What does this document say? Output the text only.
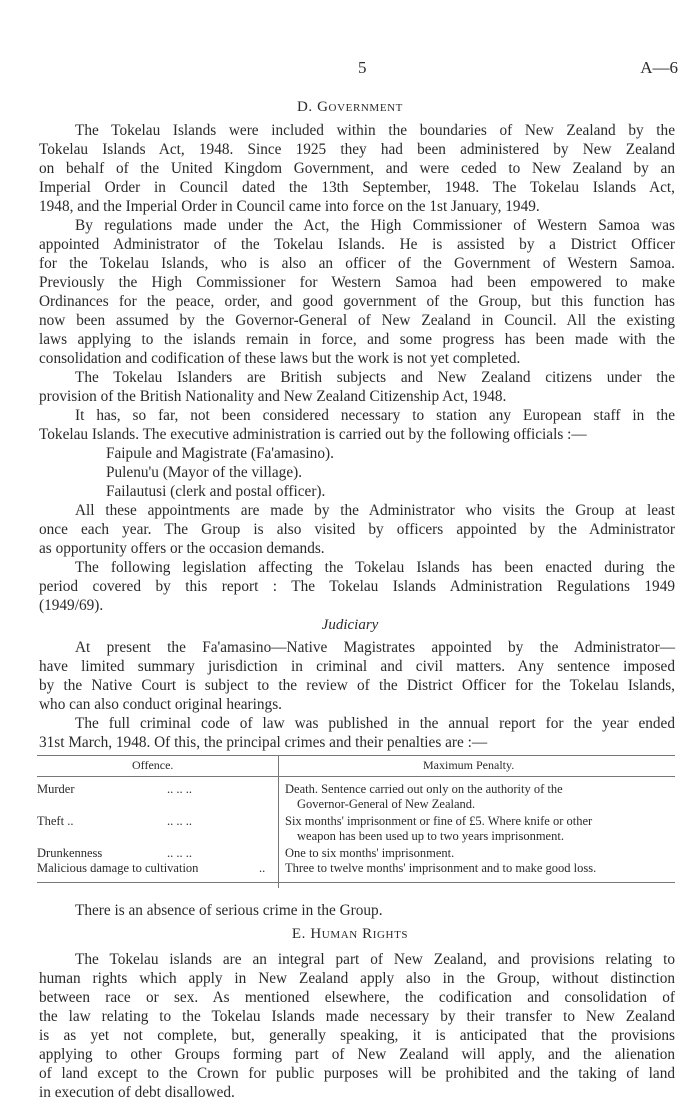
5	A—6
D. Government
The Tokelau Islands were included within the boundaries of New Zealand by the
Tokelau Islands Act, 1948. Since 1925 they had been administered by New Zealand
on behalf of the United Kingdom Government, and were ceded to New Zealand by an
Imperial Order in Council dated the 13th September, 1948. The Tokelau Islands Act,
1948, and the Imperial Order in Council came into force on the 1st January, 1949.
By regulations made under the Act, the High Commissioner of Western Samoa was
appointed Administrator of the Tokelau Islands. He is assisted by a District Officer
for the Tokelau Islands, who is also an officer of the Government of Western Samoa.
Previously the High Commissioner for Western Samoa had been empowered to make
Ordinances for the peace, order, and good government of the Group, but this function has
now been assumed by the Governor-General of New Zealand in Council. All the existing
laws applying to the islands remain in force, and some progress has been made with the
consolidation and codification of these laws but the work is not yet completed.
The Tokelau Islanders are British subjects and New Zealand citizens under the
provision of the British Nationality and New Zealand Citizenship Act, 1948.
It has, so far, not been considered necessary to station any European staff in the
Tokelau Islands. The executive administration is carried out by the following officials :—
Faipule and Magistrate (Fa'amasino).
Pulenu'u (Mayor of the village).
Failautusi (clerk and postal officer).
All these appointments are made by the Administrator who visits the Group at least
once each year. The Group is also visited by officers appointed by the Administrator
as opportunity offers or the occasion demands.
The following legislation affecting the Tokelau Islands has been enacted during the
period covered by this report : The Tokelau Islands Administration Regulations 1949
(1949/69).
Judiciary
At present the Fa'amasino—Native Magistrates appointed by the Administrator—
have limited summary jurisdiction in criminal and civil matters. Any sentence imposed
by the Native Court is subject to the review of the District Officer for the Tokelau Islands,
who can also conduct original hearings.
The full criminal code of law was published in the annual report for the year ended
31st March, 1948. Of this, the principal crimes and their penalties are :—
Offence.	Maximum Penalty.
Murder	.. .. ..	Death. Sentence carried out only on the authority of the
Governor-General of New Zealand.
Theft ..	.. .. ..	Six months' imprisonment or fine of £5. Where knife or other
weapon has been used up to two years imprisonment.
Drunkenness	.. .. ..	One to six months' imprisonment.
Malicious damage to cultivation	.. Three to twelve months' imprisonment and to make good loss.
There is an absence of serious crime in the Group.
E. Human Rights
The Tokelau islands are an integral part of New Zealand, and provisions relating to
human rights which apply in New Zealand apply also in the Group, without distinction
between race or sex. As mentioned elsewhere, the codification and consolidation of
the law relating to the Tokelau Islands made necessary by their transfer to New Zealand
is as yet not complete, but, generally speaking, it is anticipated that the provisions
applying to other Groups forming part of New Zealand will apply, and the alienation
of land except to the Crown for public purposes will be prohibited and the taking of land
in execution of debt disallowed.
